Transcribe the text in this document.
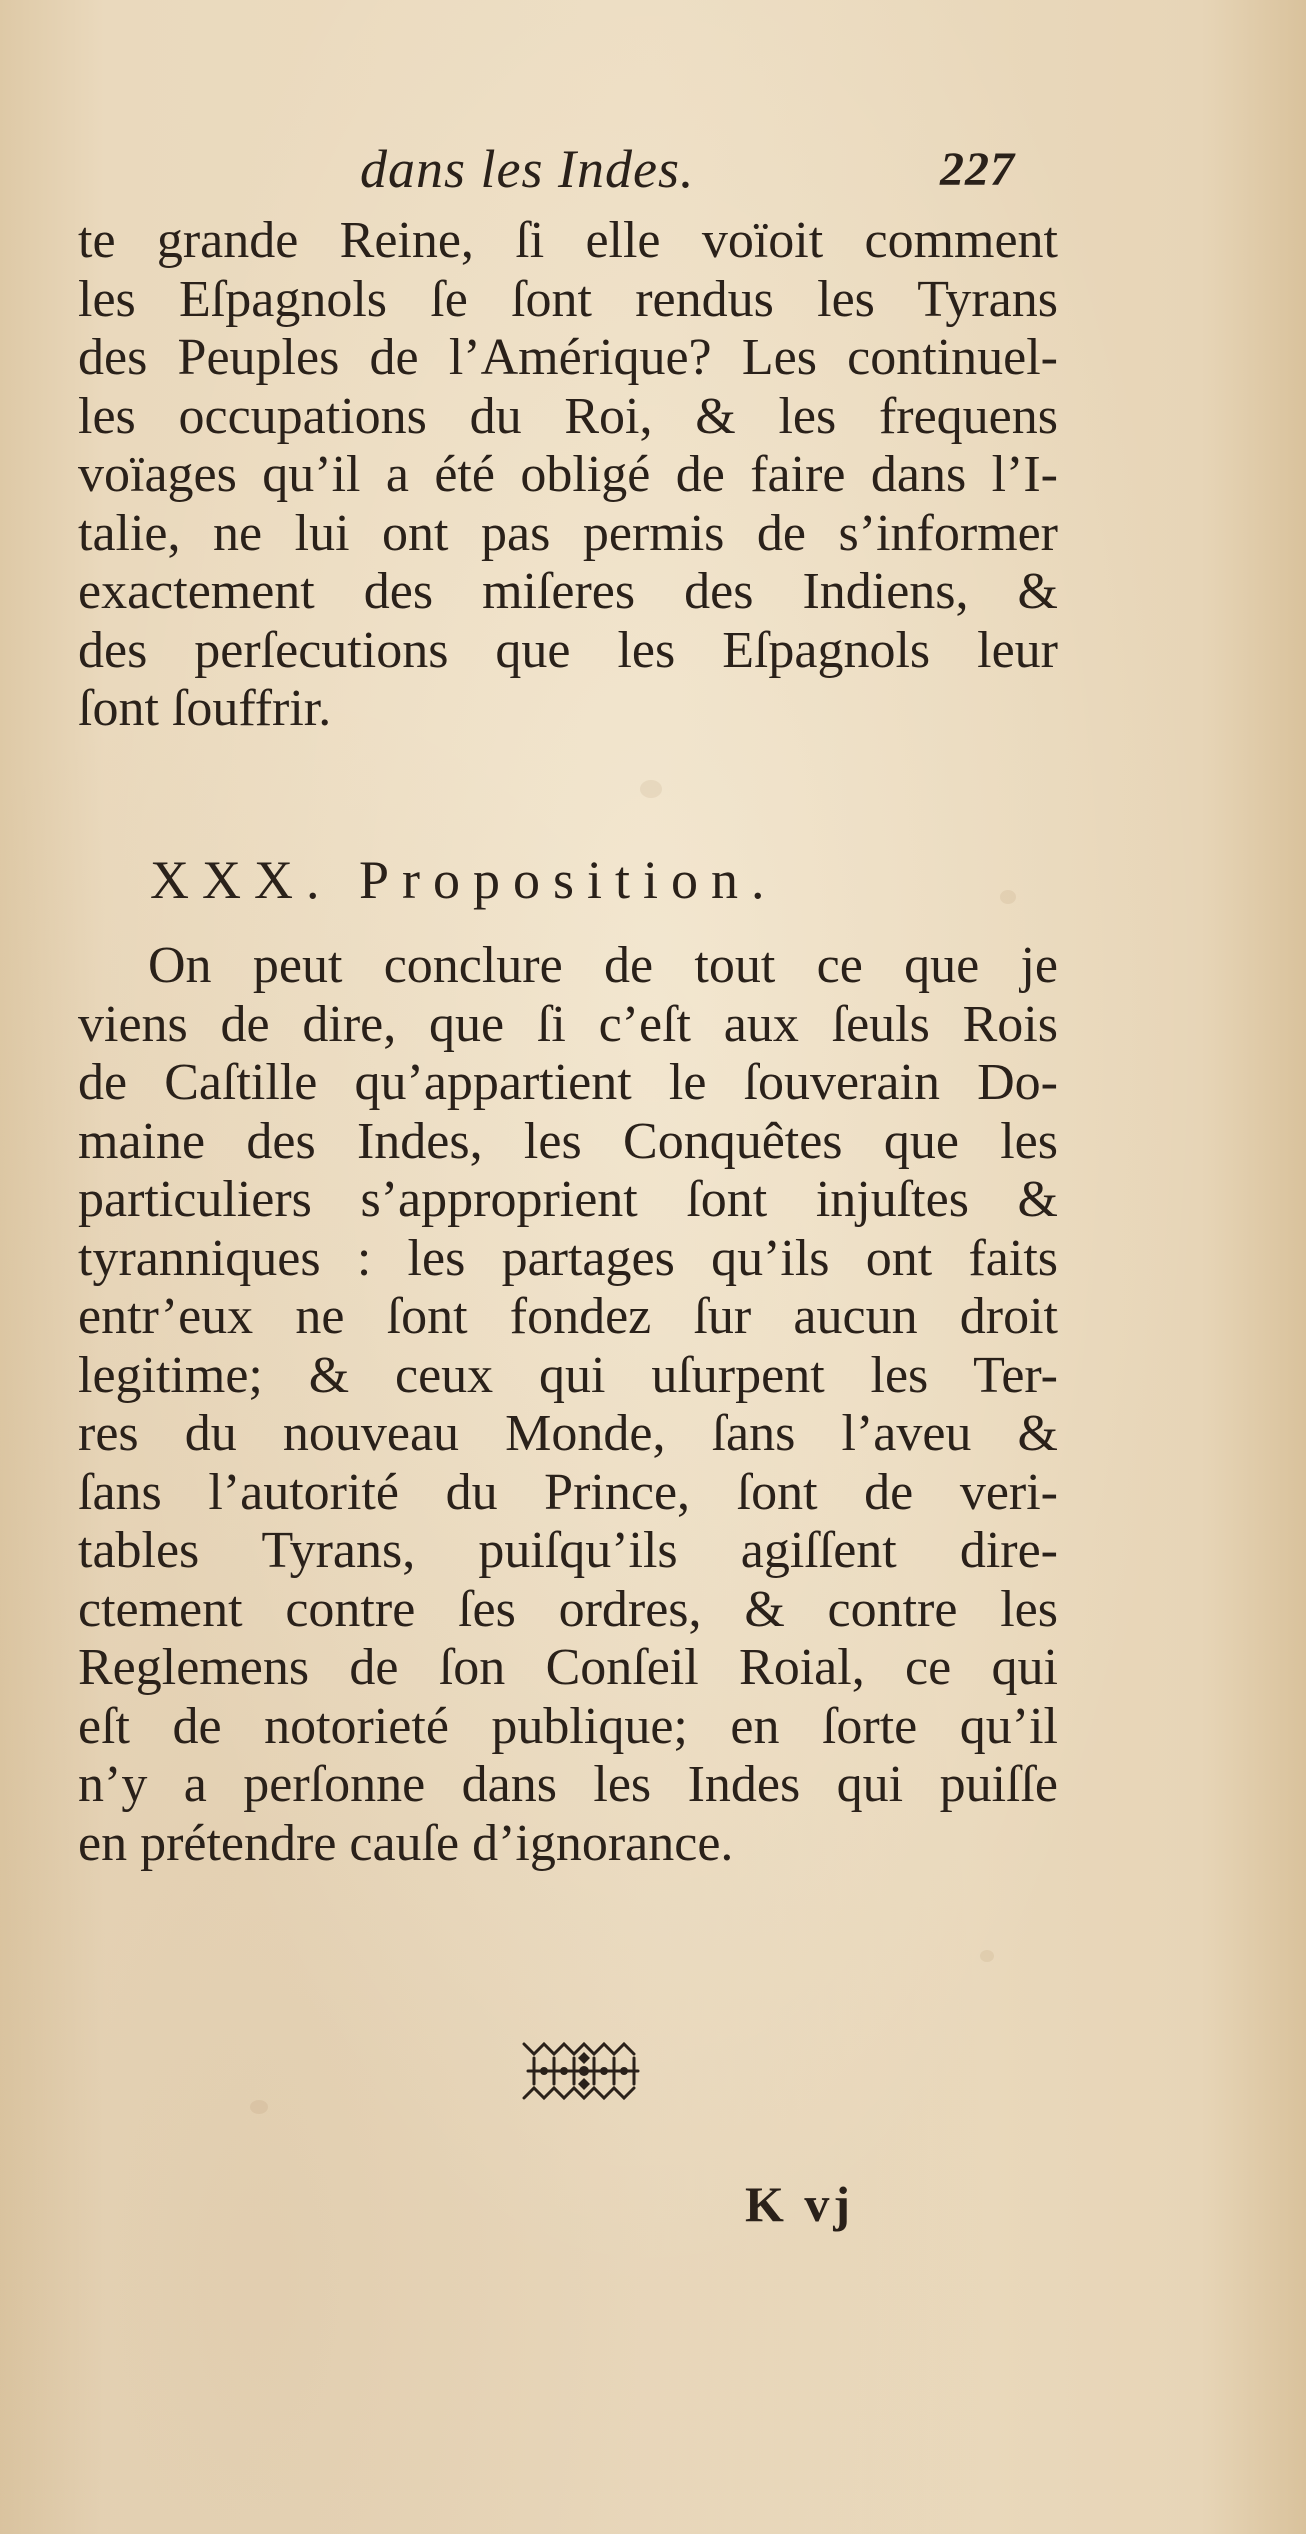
dans les Indes.	227
te grande Reine, ſi elle voïoit comment
les Eſpagnols ſe ſont rendus les Tyrans
des Peuples de l’Amérique? Les continuel-
les occupations du Roi, & les frequens
voïages qu’il a été obligé de faire dans l’I-
talie, ne lui ont pas permis de s’informer
exactement des miſeres des Indiens, &
des perſecutions que les Eſpagnols leur
ſont ſouffrir.
XXX. Proposition.
On peut conclure de tout ce que je
viens de dire, que ſi c’eſt aux ſeuls Rois
de Caſtille qu’appartient le ſouverain Do-
maine des Indes, les Conquêtes que les
particuliers s’approprient ſont injuſtes &
tyranniques : les partages qu’ils ont faits
entr’eux ne ſont fondez ſur aucun droit
legitime; & ceux qui uſurpent les Ter-
res du nouveau Monde, ſans l’aveu &
ſans l’autorité du Prince, ſont de veri-
tables Tyrans, puiſqu’ils agiſſent dire-
ctement contre ſes ordres, & contre les
Reglemens de ſon Conſeil Roial, ce qui
eſt de notorieté publique; en ſorte qu’il
n’y a perſonne dans les Indes qui puiſſe
en prétendre cauſe d’ignorance.
K vj
